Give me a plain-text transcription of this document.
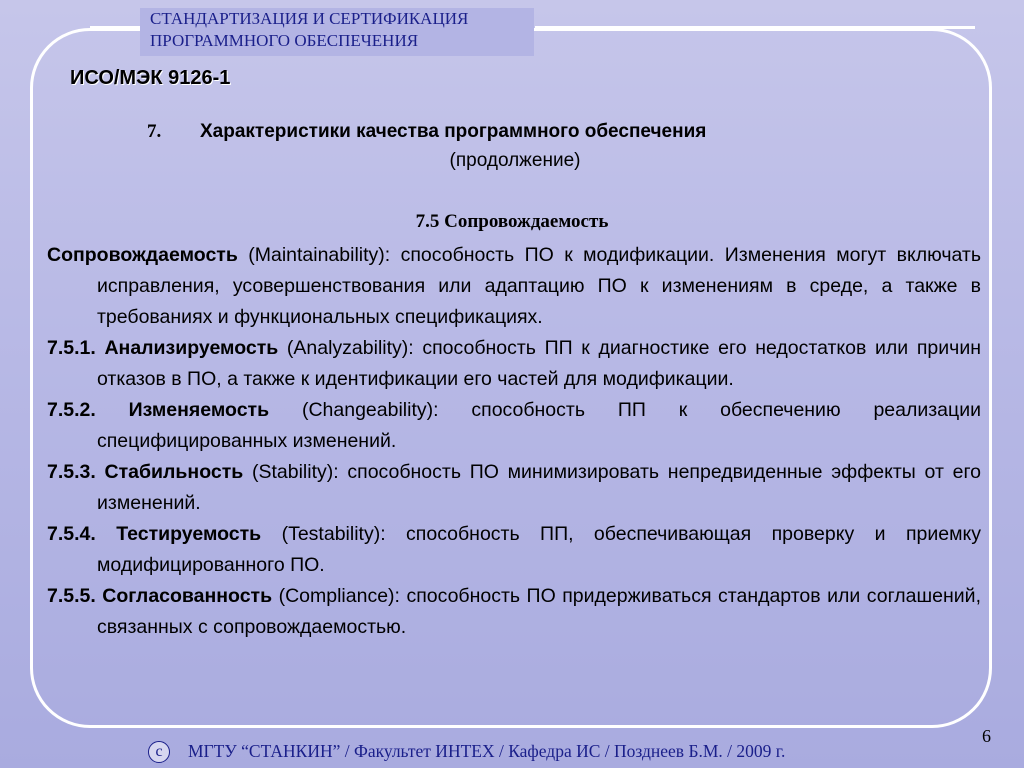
СТАНДАРТИЗАЦИЯ И СЕРТИФИКАЦИЯ
ПРОГРАММНОГО ОБЕСПЕЧЕНИЯ
ИСО/МЭК 9126-1
7. Характеристики качества программного обеспечения
(продолжение)
7.5 Сопровождаемость

Сопровождаемость (Maintainability): способность ПО к модификации. Изменения могут включать исправления, усовершенствования или адаптацию ПО к изменениям в среде, а также в требованиях и функциональных спецификациях.

7.5.1. Анализируемость (Analyzability): способность ПП к диагностике его недостатков или причин отказов в ПО, а также к идентификации его частей для модификации.

7.5.2. Изменяемость (Changeability): способность ПП к обеспечению реализации специфицированных изменений.

7.5.3. Стабильность (Stability): способность ПО минимизировать непредвиденные эффекты от его изменений.

7.5.4. Тестируемость (Testability): способность ПП, обеспечивающая проверку и приемку модифицированного ПО.

7.5.5. Согласованность (Compliance): способность ПО придерживаться стандартов или соглашений, связанных с сопровождаемостью.

6
c	МГТУ “СТАНКИН” / Факультет ИНТЕХ / Кафедра ИС / Позднеев Б.М. / 2009 г.
